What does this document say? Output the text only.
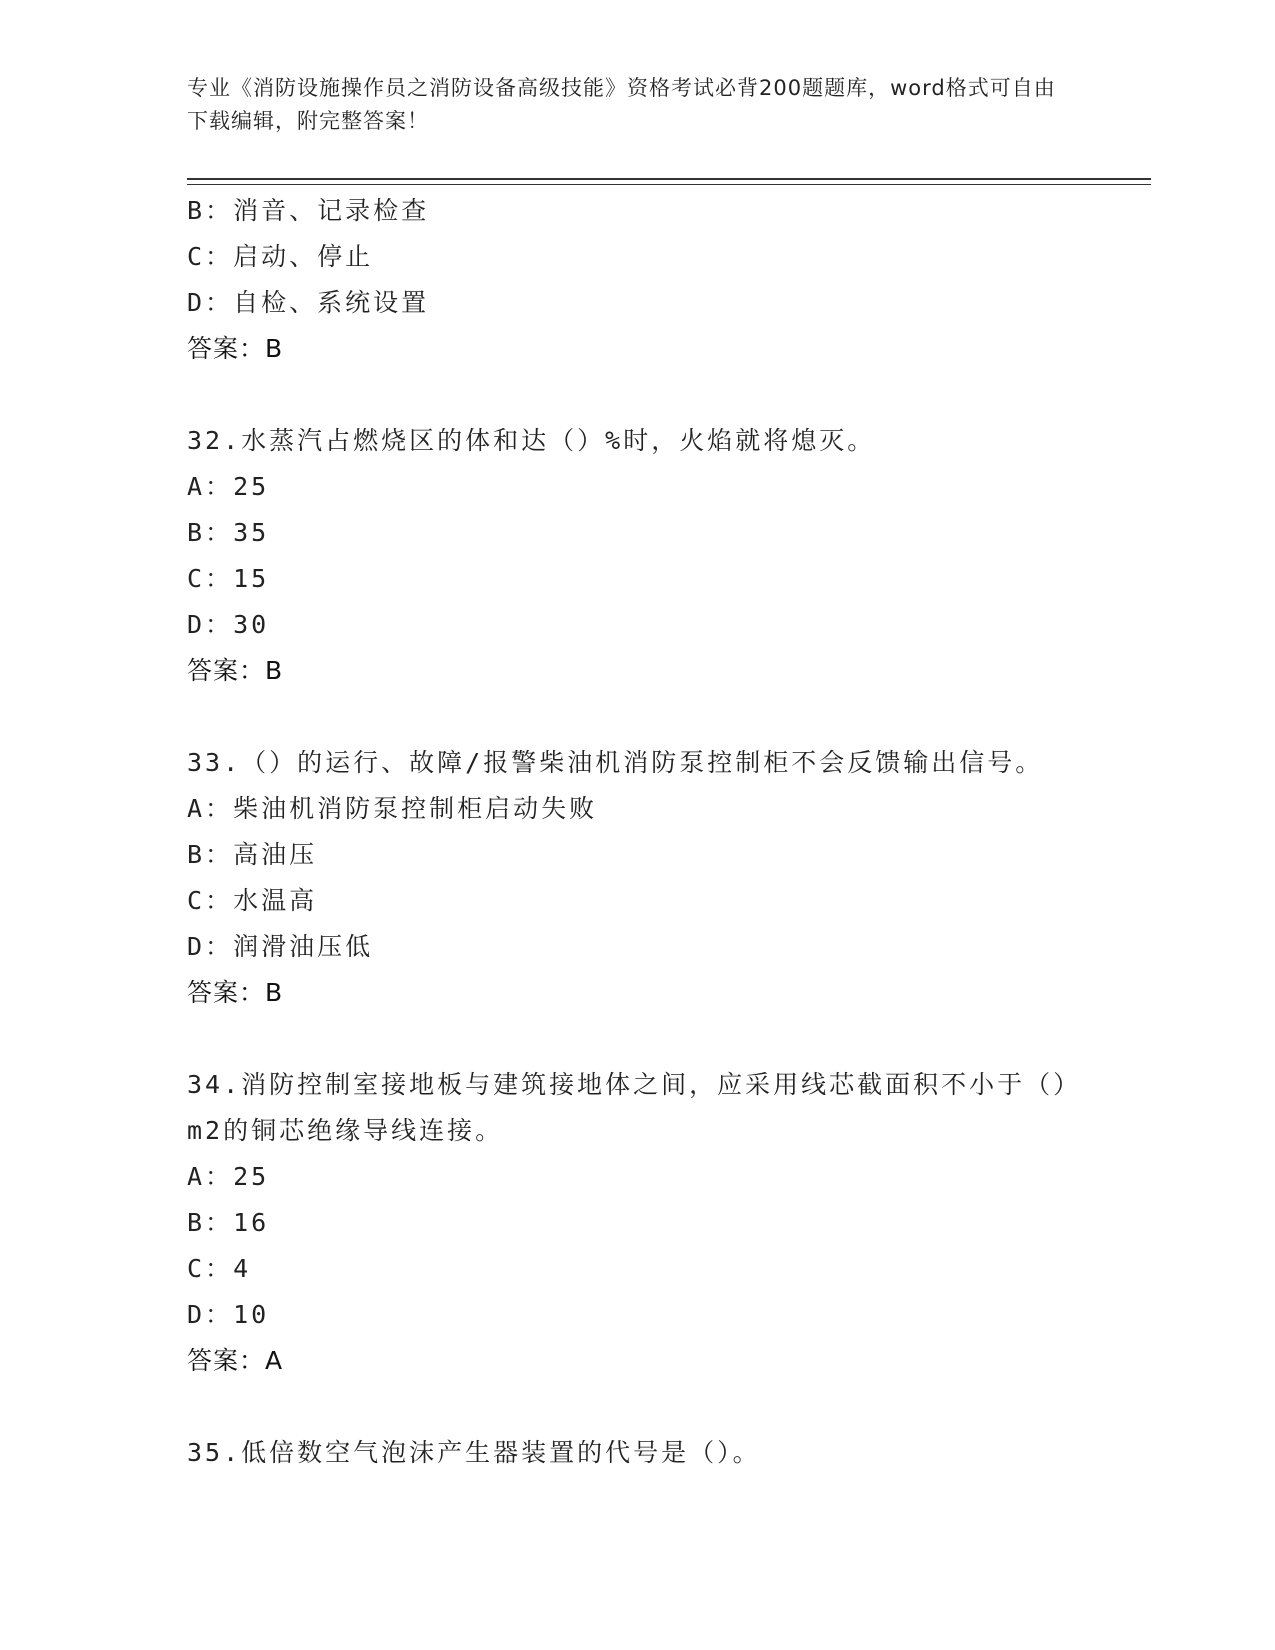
专业《消防设施操作员之消防设备高级技能》资格考试必背200题题库，word格式可自由下载编辑，附完整答案！
B：消音、记录检查
C：启动、停止
D：自检、系统设置
答案：B
32.水蒸汽占燃烧区的体和达（）%时，火焰就将熄灭。
A：25
B：35
C：15
D：30
答案：B
33.（）的运行、故障/报警柴油机消防泵控制柜不会反馈输出信号。
A：柴油机消防泵控制柜启动失败
B：高油压
C：水温高
D：润滑油压低
答案：B
34.消防控制室接地板与建筑接地体之间，应采用线芯截面积不小于（）m2的铜芯绝缘导线连接。
A：25
B：16
C：4
D：10
答案：A
35.低倍数空气泡沫产生器装置的代号是（）。
